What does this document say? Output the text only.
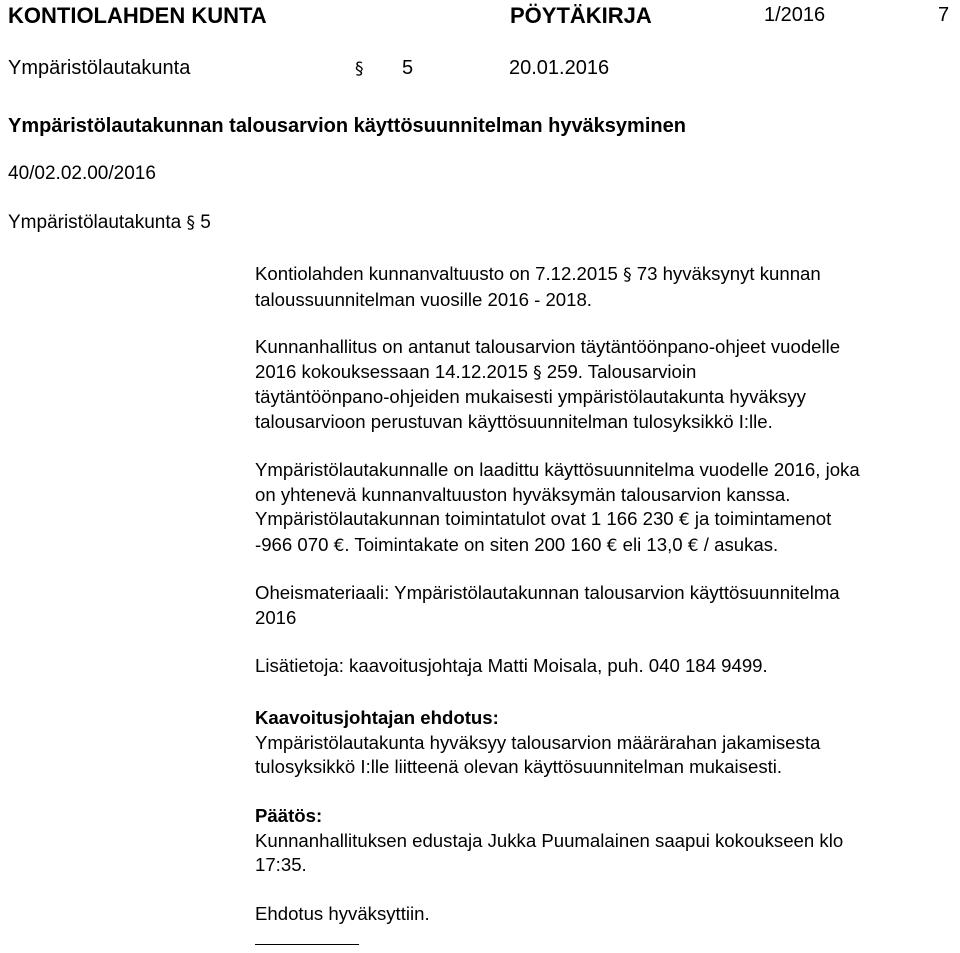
KONTIOLAHDEN KUNTA	PÖYTÄKIRJA	1/2016	7
Ympäristölautakunta	§ 5	20.01.2016
Ympäristölautakunnan talousarvion käyttösuunnitelman hyväksyminen
40/02.02.00/2016
Ympäristölautakunta § 5

Kontiolahden kunnanvaltuusto on 7.12.2015 § 73 hyväksynyt kunnan

taloussuunnitelman vuosille 2016 - 2018.

Kunnanhallitus on antanut talousarvion täytäntöönpano-ohjeet vuodelle

2016 kokouksessaan 14.12.2015 § 259. Talousarvioin

täytäntöönpano-ohjeiden mukaisesti ympäristölautakunta hyväksyy

talousarvioon perustuvan käyttösuunnitelman tulosyksikkö I:lle.

Ympäristölautakunnalle on laadittu käyttösuunnitelma vuodelle 2016, joka

on yhtenevä kunnanvaltuuston hyväksymän talousarvion kanssa.

Ympäristölautakunnan toimintatulot ovat 1 166 230 € ja toimintamenot

-966 070 €. Toimintakate on siten 200 160 € eli 13,0 € / asukas.

Oheismateriaali: Ympäristölautakunnan talousarvion käyttösuunnitelma

2016

Lisätietoja: kaavoitusjohtaja Matti Moisala, puh. 040 184 9499.

Kaavoitusjohtajan ehdotus:

Ympäristölautakunta hyväksyy talousarvion määrärahan jakamisesta

tulosyksikkö I:lle liitteenä olevan käyttösuunnitelman mukaisesti.

Päätös:

Kunnanhallituksen edustaja Jukka Puumalainen saapui kokoukseen klo

17:35.

Ehdotus hyväksyttiin.
